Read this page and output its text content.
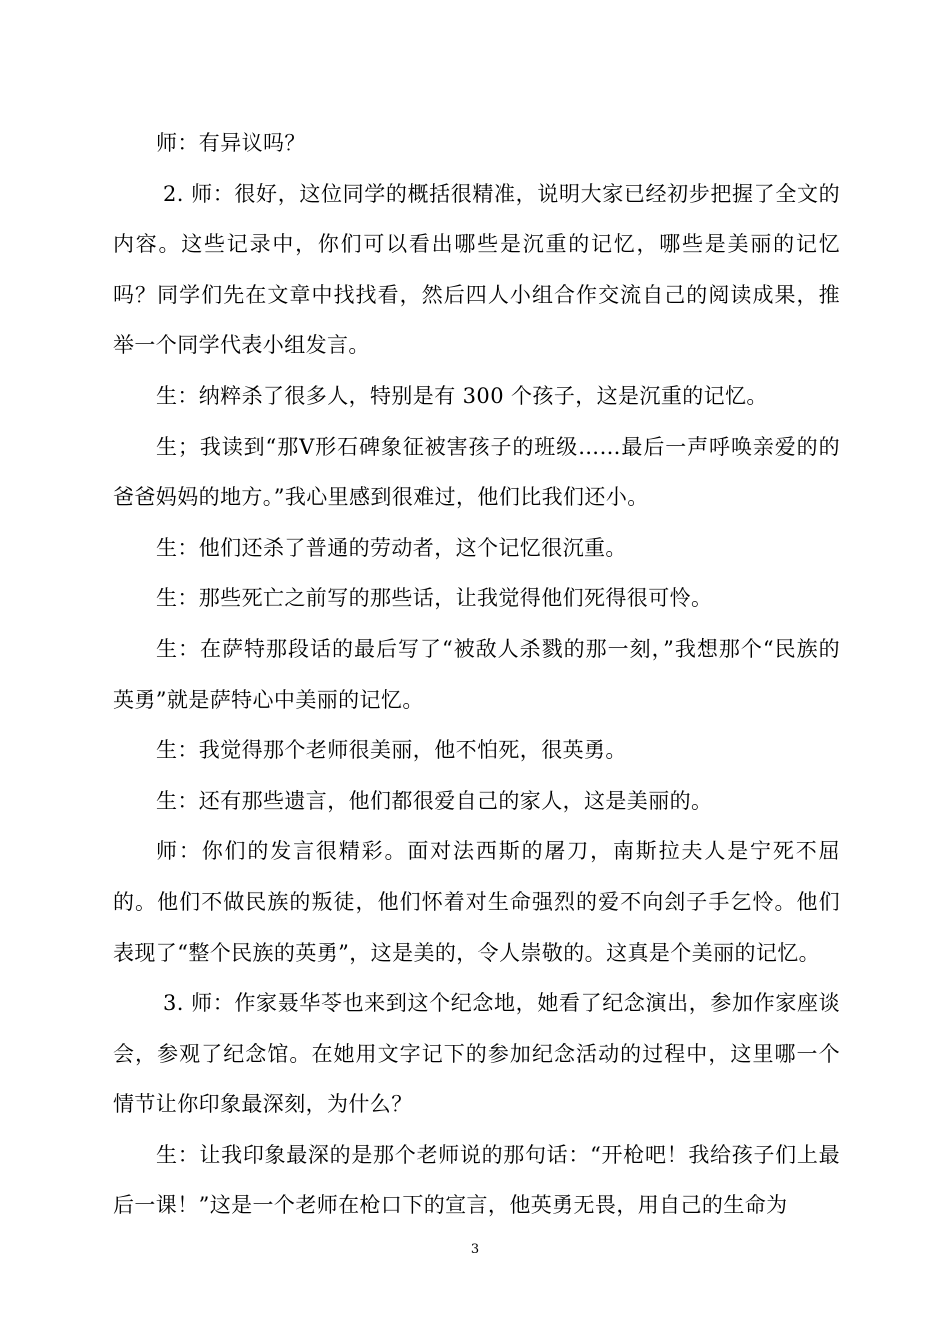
师：有异议吗？

2. 师：很好，这位同学的概括很精准，说明大家已经初步把握了全文的内容。这些记录中，你们可以看出哪些是沉重的记忆，哪些是美丽的记忆吗？同学们先在文章中找找看，然后四人小组合作交流自己的阅读成果，推举一个同学代表小组发言。

生：纳粹杀了很多人，特别是有 300 个孩子，这是沉重的记忆。

生；我读到“那Ⅴ形石碑象征被害孩子的班级……最后一声呼唤亲爱的的爸爸妈妈的地方。”我心里感到很难过，他们比我们还小。

生：他们还杀了普通的劳动者，这个记忆很沉重。

生：那些死亡之前写的那些话，让我觉得他们死得很可怜。

生：在萨特那段话的最后写了“被敌人杀戮的那一刻，”我想那个“民族的英勇”就是萨特心中美丽的记忆。

生：我觉得那个老师很美丽，他不怕死，很英勇。

生：还有那些遗言，他们都很爱自己的家人，这是美丽的。

师：你们的发言很精彩。面对法西斯的屠刀，南斯拉夫人是宁死不屈的。他们不做民族的叛徒，他们怀着对生命强烈的爱不向刽子手乞怜。他们表现了“整个民族的英勇”，这是美的，令人崇敬的。这真是个美丽的记忆。

3. 师：作家聂华苓也来到这个纪念地，她看了纪念演出，参加作家座谈会，参观了纪念馆。在她用文字记下的参加纪念活动的过程中，这里哪一个情节让你印象最深刻，为什么？

生：让我印象最深的是那个老师说的那句话：“开枪吧！我给孩子们上最后一课！”这是一个老师在枪口下的宣言，他英勇无畏，用自己的生命为

3
